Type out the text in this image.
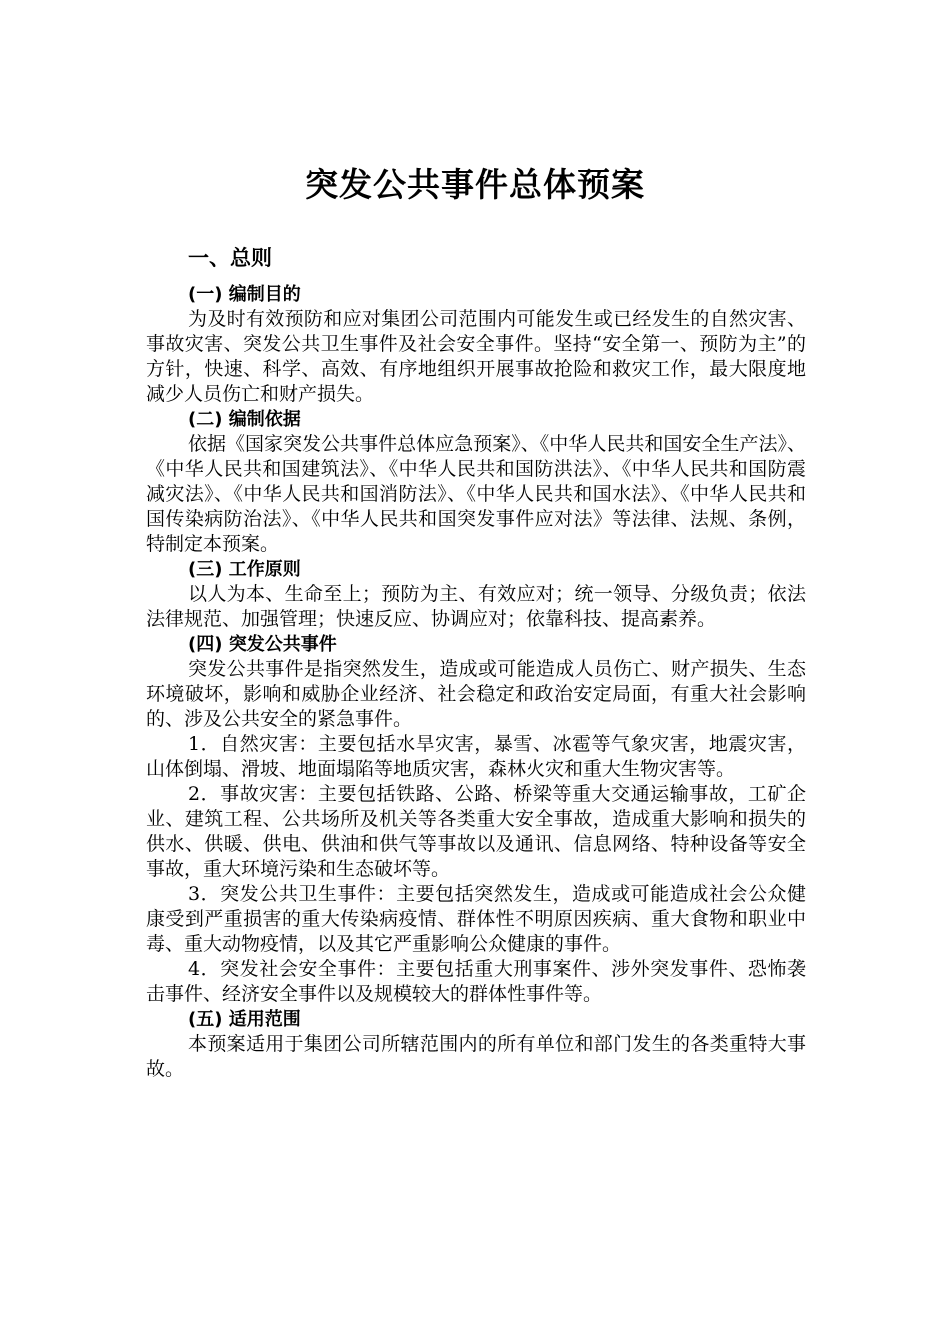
突发公共事件总体预案
一、总则
(一) 编制目的
为及时有效预防和应对集团公司范围内可能发生或已经发生的自然灾害、事故灾害、突发公共卫生事件及社会安全事件。坚持“安全第一、预防为主”的方针，快速、科学、高效、有序地组织开展事故抢险和救灾工作，最大限度地减少人员伤亡和财产损失。
(二) 编制依据
依据《国家突发公共事件总体应急预案》、《中华人民共和国安全生产法》、《中华人民共和国建筑法》、《中华人民共和国防洪法》、《中华人民共和国防震减灾法》、《中华人民共和国消防法》、《中华人民共和国水法》、《中华人民共和国传染病防治法》、《中华人民共和国突发事件应对法》等法律、法规、条例，特制定本预案。
(三) 工作原则
以人为本、生命至上；预防为主、有效应对；统一领导、分级负责；依法法律规范、加强管理；快速反应、协调应对；依靠科技、提高素养。
(四) 突发公共事件
突发公共事件是指突然发生，造成或可能造成人员伤亡、财产损失、生态环境破坏，影响和威胁企业经济、社会稳定和政治安定局面，有重大社会影响的、涉及公共安全的紧急事件。
1．自然灾害：主要包括水旱灾害，暴雪、冰雹等气象灾害，地震灾害，山体倒塌、滑坡、地面塌陷等地质灾害，森林火灾和重大生物灾害等。
2．事故灾害：主要包括铁路、公路、桥梁等重大交通运输事故，工矿企业、建筑工程、公共场所及机关等各类重大安全事故，造成重大影响和损失的供水、供暖、供电、供油和供气等事故以及通讯、信息网络、特种设备等安全事故，重大环境污染和生态破坏等。
3．突发公共卫生事件：主要包括突然发生，造成或可能造成社会公众健康受到严重损害的重大传染病疫情、群体性不明原因疾病、重大食物和职业中毒、重大动物疫情，以及其它严重影响公众健康的事件。
4．突发社会安全事件：主要包括重大刑事案件、涉外突发事件、恐怖袭击事件、经济安全事件以及规模较大的群体性事件等。
(五) 适用范围
本预案适用于集团公司所辖范围内的所有单位和部门发生的各类重特大事故。
